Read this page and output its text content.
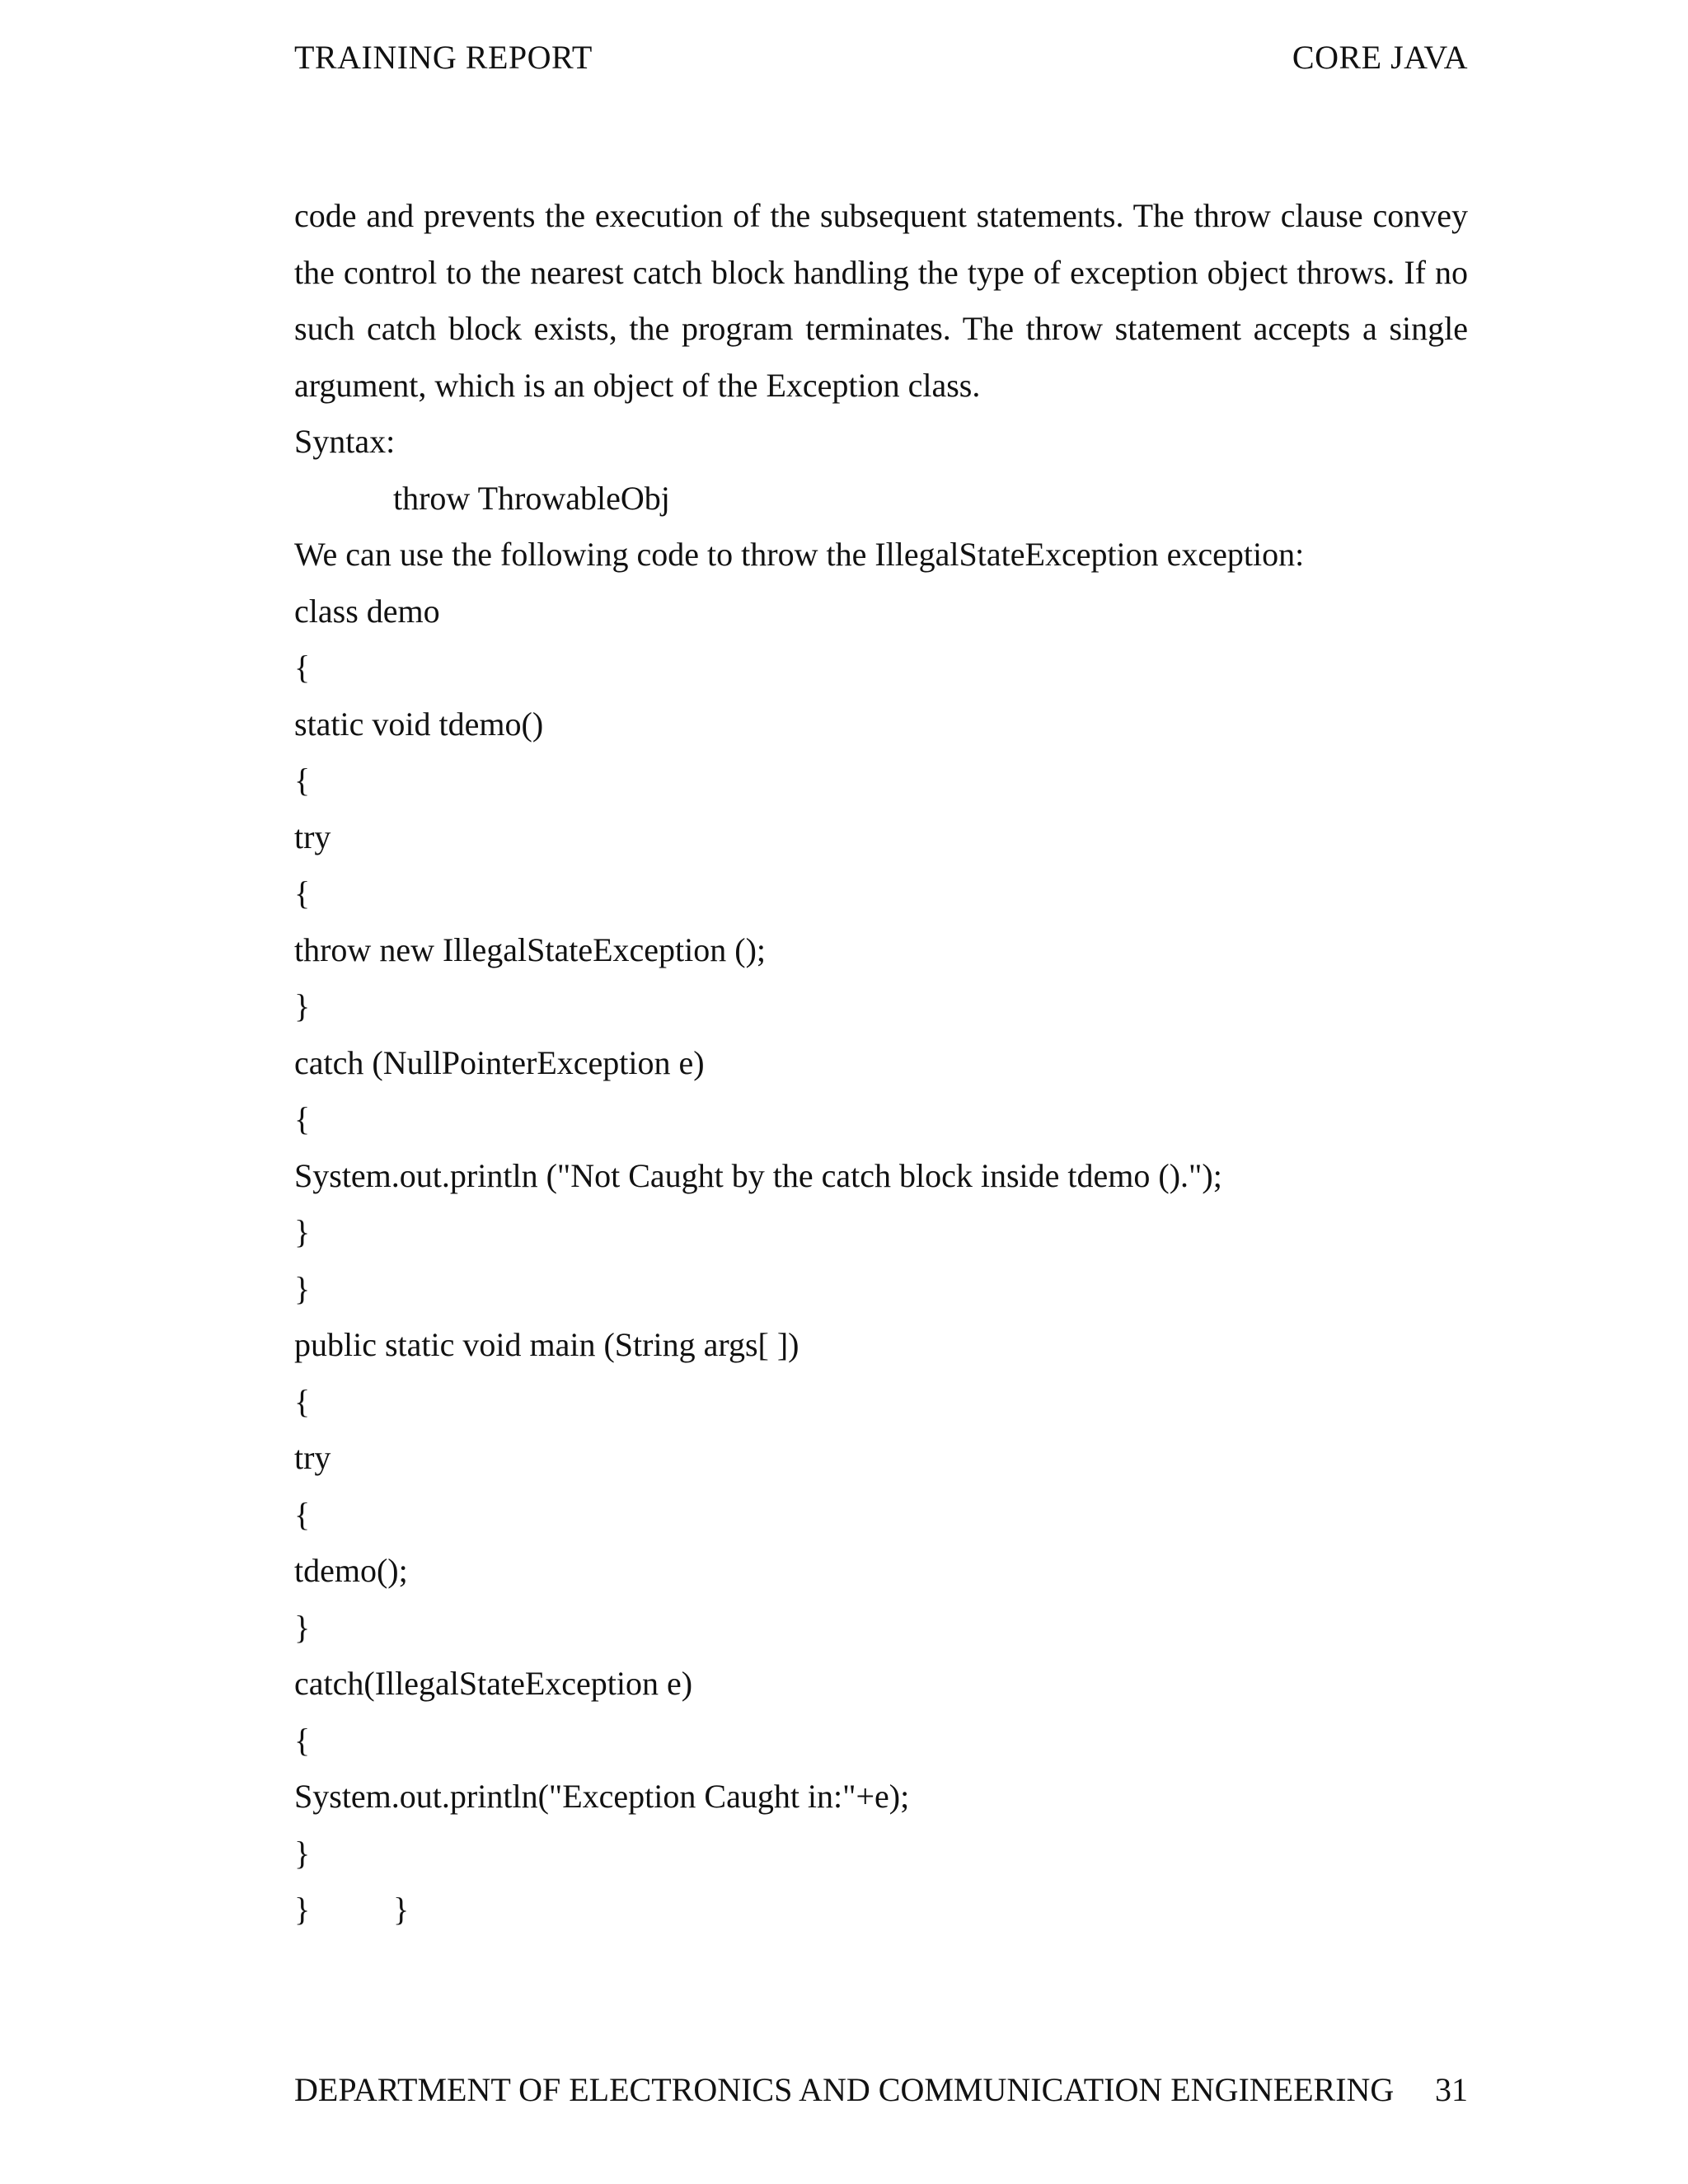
TRAINING REPORT	CORE JAVA

code and prevents the execution of the subsequent statements. The throw clause convey the control to the nearest catch block handling the type of exception object throws. If no such catch block exists, the program terminates. The throw statement accepts a single argument, which is an object of the Exception class.

Syntax:
throw ThrowableObj
We can use the following code to throw the IllegalStateException exception:
class demo
{
static void tdemo()
{
try
{
throw new IllegalStateException ();
}
catch (NullPointerException e)
{
System.out.println ("Not Caught by the catch block inside tdemo ().");
}
}
public static void main (String args[ ])
{
try
{
tdemo();
}
catch(IllegalStateException e)
{
System.out.println("Exception Caught in:"+e);
}
}	}
DEPARTMENT OF ELECTRONICS AND COMMUNICATION ENGINEERING 31
